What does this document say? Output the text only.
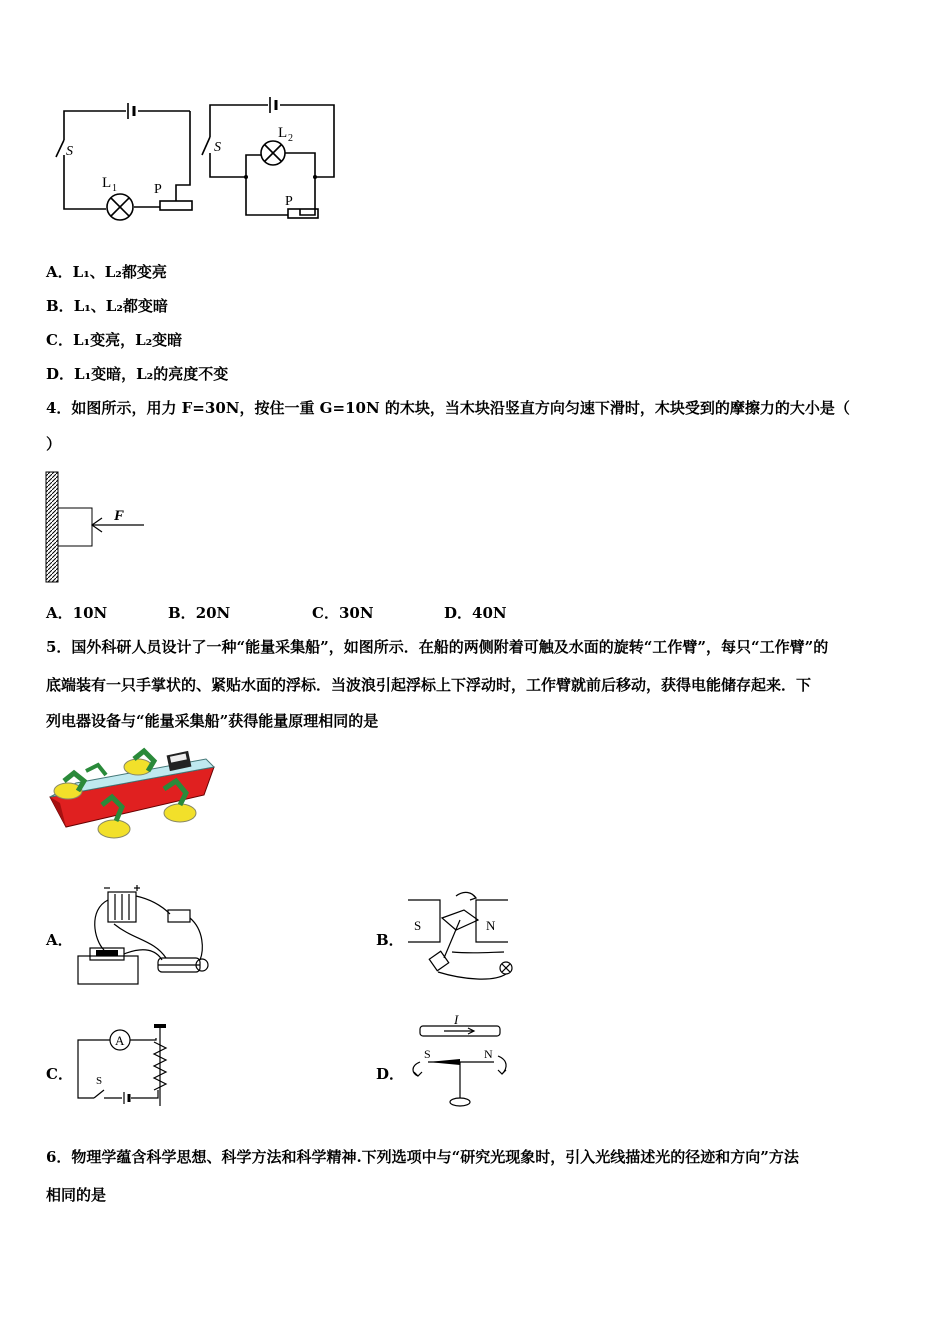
S	S
L 1
L 2
P
P
A．L₁、L₂都变亮
B．L₁、L₂都变暗
C．L₁变亮，L₂变暗
D．L₁变暗，L₂的亮度不变
4．如图所示，用力 F=30N，按住一重 G=10N 的木块，当木块沿竖直方向匀速下滑时，木块受到的摩擦力的大小是（
）
F
A．10N	B．20N	C．30N	D．40N
5．国外科研人员设计了一种“能量采集船”，如图所示．在船的两侧附着可触及水面的旋转“工作臂”，每只“工作臂”的
底端装有一只手掌状的、紧贴水面的浮标．当波浪引起浮标上下浮动时，工作臂就前后移动，获得电能储存起来．下
列电器设备与“能量采集船”获得能量原理相同的是
A．	B．
S	N
C．
A
S	D．
I
S	N
6．物理学蕴含科学思想、科学方法和科学精神.下列选项中与“研究光现象时，引入光线描述光的径迹和方向”方法
相同的是
